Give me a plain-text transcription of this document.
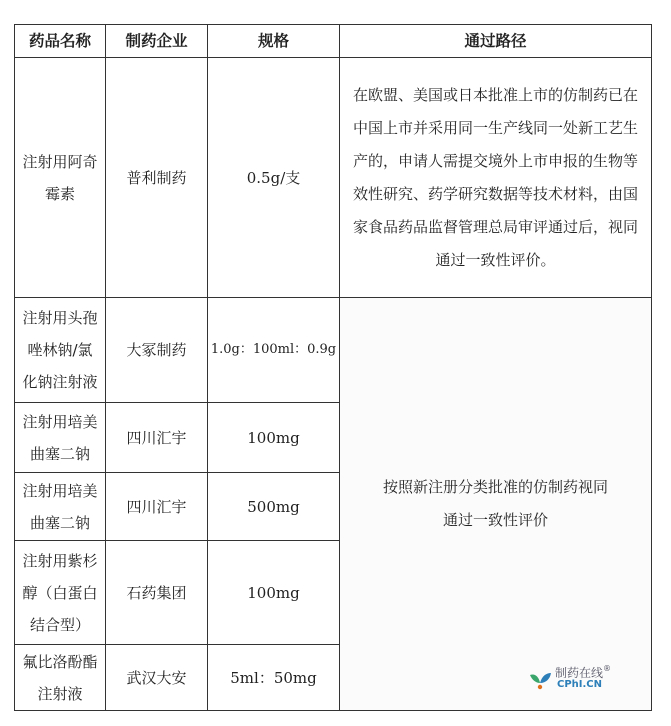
药品名称	制药企业	规格	通过路径
注射用阿奇霉素	普利制药	0.5g/支	在欧盟、美国或日本批准上市的仿制药已在中国上市并采用同一生产线同一处新工艺生产的，申请人需提交境外上市申报的生物等效性研究、药学研究数据等技术材料，由国家食品药品监督管理总局审评通过后，视同通过一致性评价。
注射用头孢唑林钠/氯化钠注射液	大冢制药	1.0g：100ml：0.9g	按照新注册分类批准的仿制药视同通过一致性评价
注射用培美曲塞二钠	四川汇宇	100mg	
注射用培美曲塞二钠	四川汇宇	500mg	
注射用紫杉醇（白蛋白结合型）	石药集团	100mg	
氟比洛酚酯注射液	武汉大安	5ml：50mg		制药在线®
CPhI.CN
